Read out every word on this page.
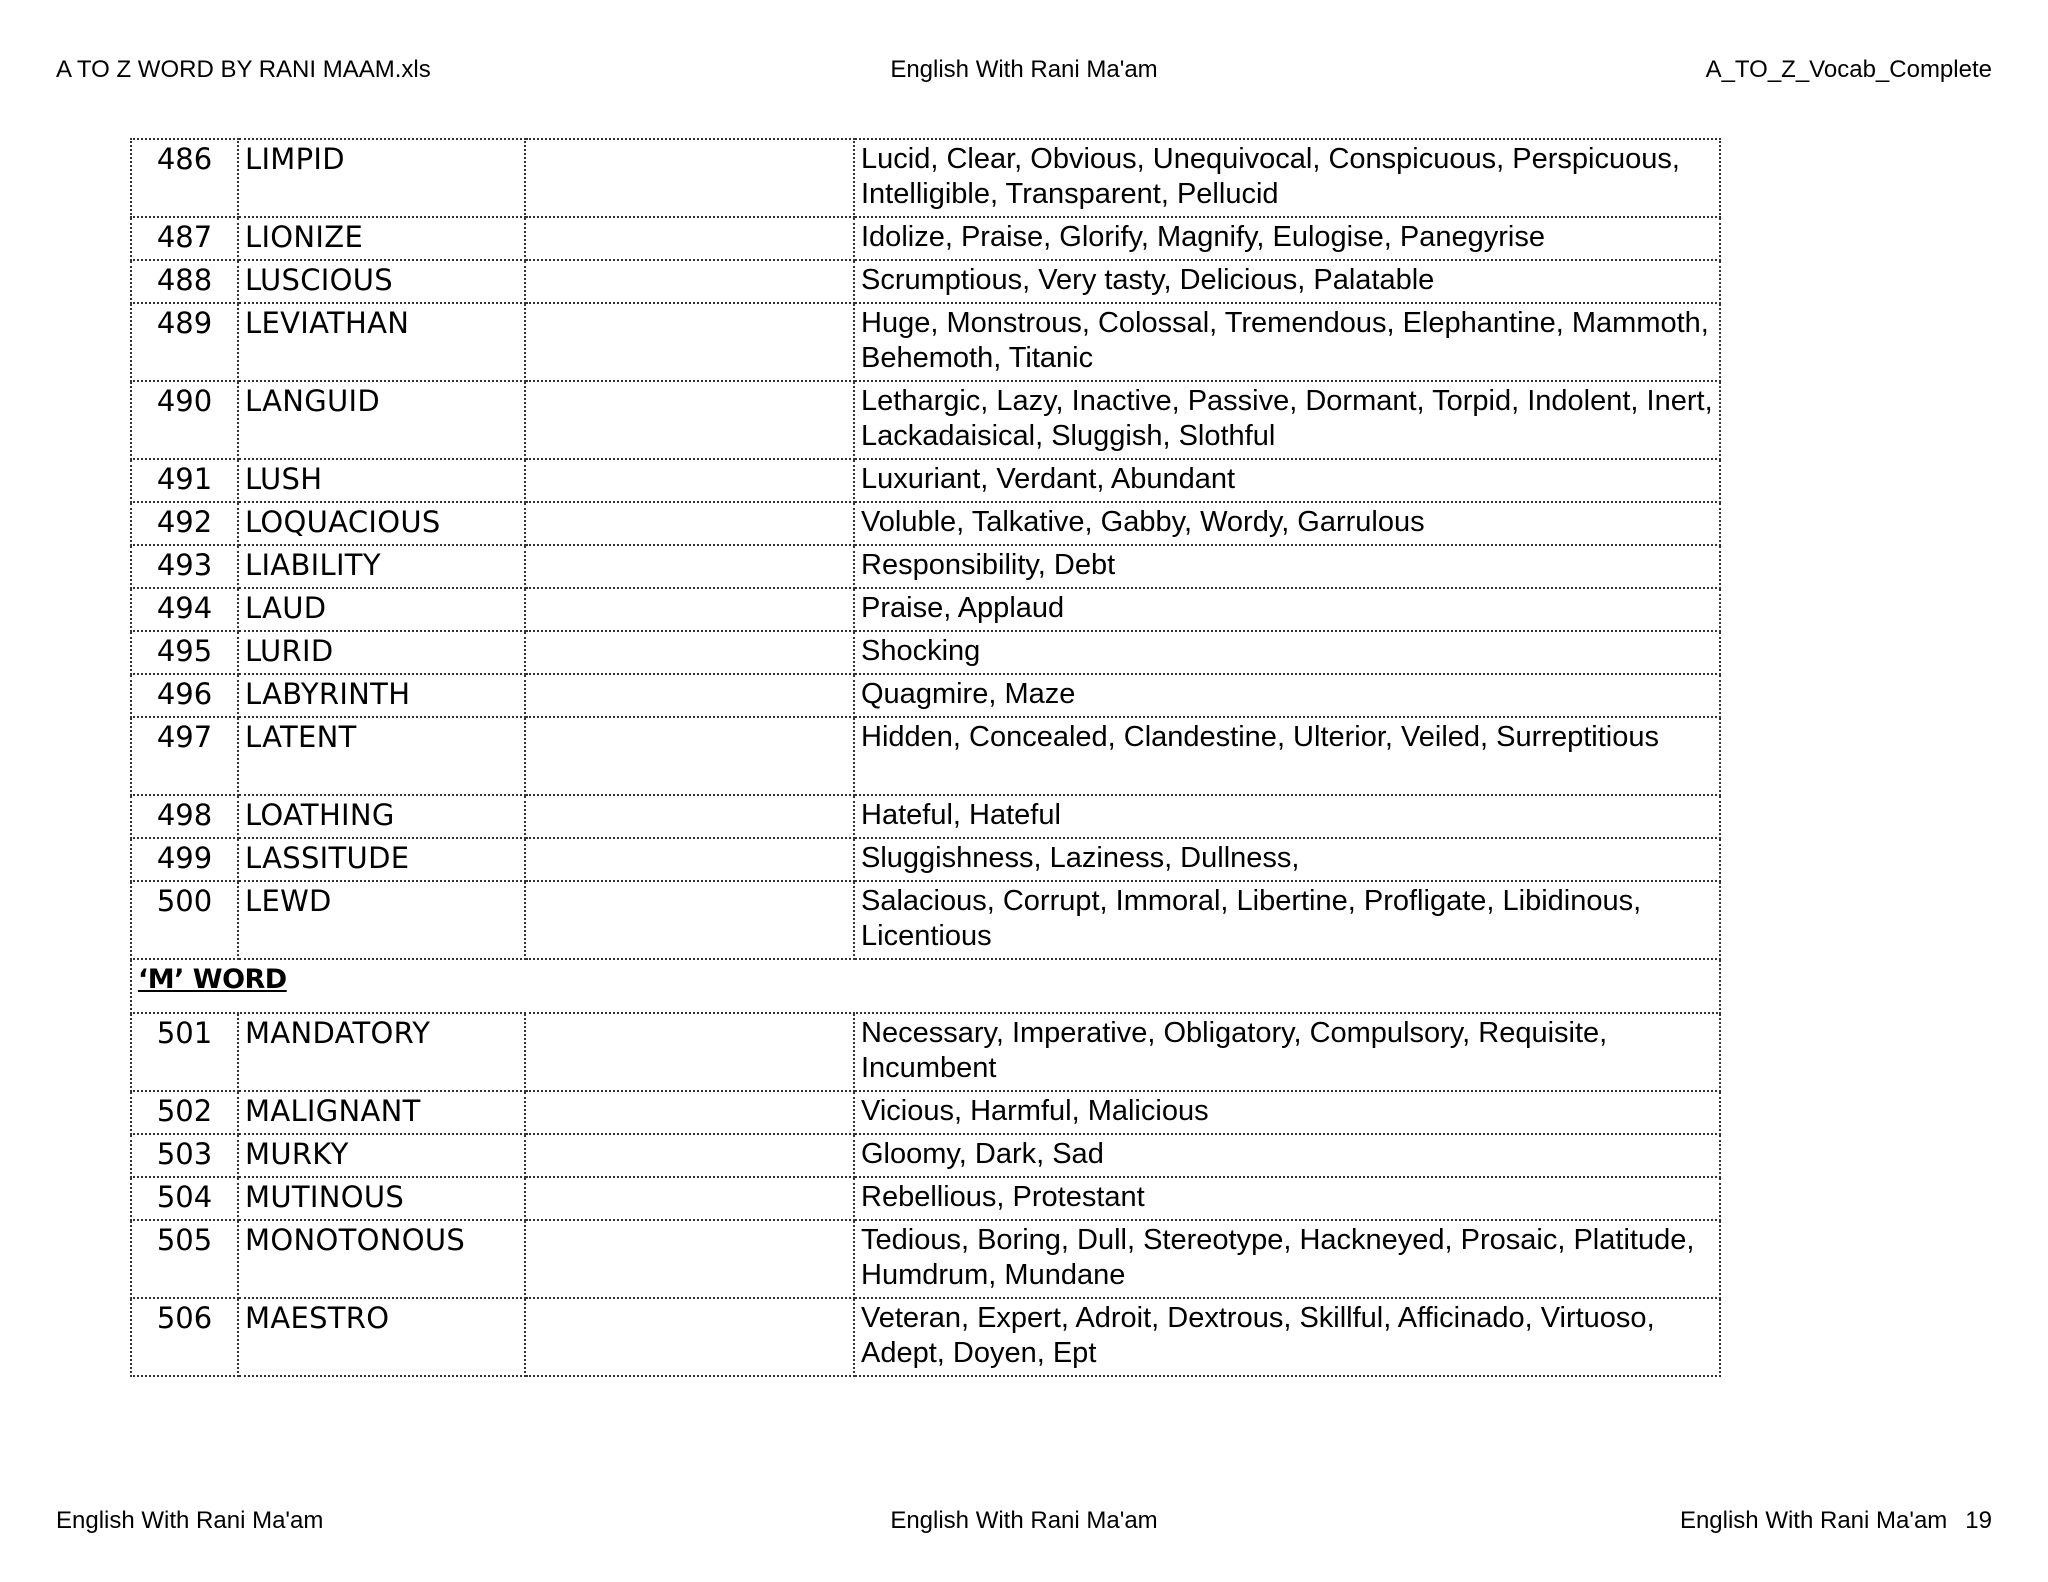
A TO Z WORD BY RANI MAAM.xls	English With Rani Ma'am	A_TO_Z_Vocab_Complete
486	LIMPID		Lucid, Clear, Obvious, Unequivocal, Conspicuous, Perspicuous, Intelligible, Transparent, Pellucid
487	LIONIZE		Idolize, Praise, Glorify, Magnify, Eulogise, Panegyrise
488	LUSCIOUS		Scrumptious, Very tasty, Delicious, Palatable
489	LEVIATHAN		Huge, Monstrous, Colossal, Tremendous, Elephantine, Mammoth, Behemoth, Titanic
490	LANGUID		Lethargic, Lazy, Inactive, Passive, Dormant, Torpid, Indolent, Inert, Lackadaisical, Sluggish, Slothful
491	LUSH		Luxuriant, Verdant, Abundant
492	LOQUACIOUS		Voluble, Talkative, Gabby, Wordy, Garrulous
493	LIABILITY		Responsibility, Debt
494	LAUD		Praise, Applaud
495	LURID		Shocking
496	LABYRINTH		Quagmire, Maze
497	LATENT		Hidden, Concealed, Clandestine, Ulterior, Veiled, Surreptitious
498	LOATHING		Hateful, Hateful
499	LASSITUDE		Sluggishness, Laziness, Dullness,
500	LEWD		Salacious, Corrupt, Immoral, Libertine, Profligate, Libidinous, Licentious
‘M’ WORD			
501	MANDATORY		Necessary, Imperative, Obligatory, Compulsory, Requisite, Incumbent
502	MALIGNANT		Vicious, Harmful, Malicious
503	MURKY		Gloomy, Dark, Sad
504	MUTINOUS		Rebellious, Protestant
505	MONOTONOUS		Tedious, Boring, Dull, Stereotype, Hackneyed, Prosaic, Platitude, Humdrum, Mundane
506	MAESTRO		Veteran, Expert, Adroit, Dextrous, Skillful, Afficinado, Virtuoso, Adept, Doyen, Ept
English With Rani Ma'am	English With Rani Ma'am	English With Rani Ma'am 19
